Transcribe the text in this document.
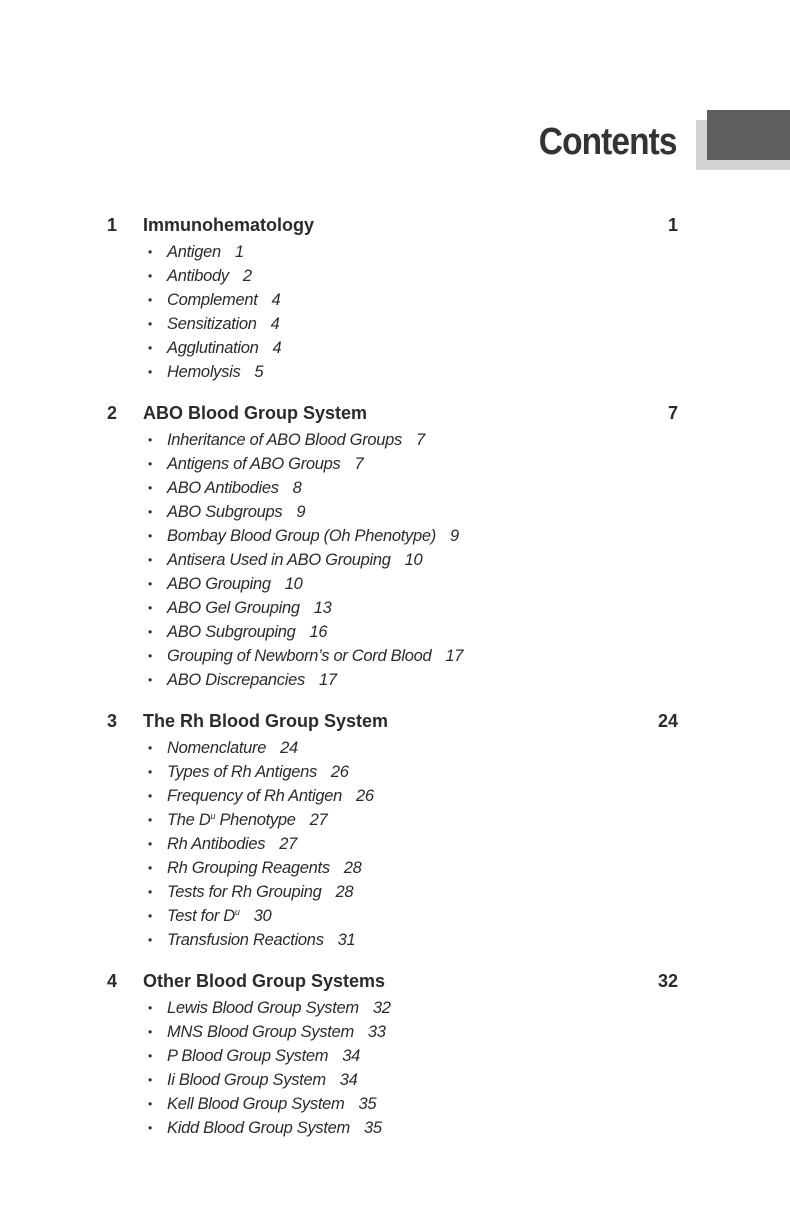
Contents
1 Immunohematology	1
• Antigen 1
• Antibody 2
• Complement 4
• Sensitization 4
• Agglutination 4
• Hemolysis 5
2 ABO Blood Group System	7
• Inheritance of ABO Blood Groups 7
• Antigens of ABO Groups 7
• ABO Antibodies 8
• ABO Subgroups 9
• Bombay Blood Group (Oh Phenotype) 9
• Antisera Used in ABO Grouping 10
• ABO Grouping 10
• ABO Gel Grouping 13
• ABO Subgrouping 16
• Grouping of Newborn’s or Cord Blood 17
• ABO Discrepancies 17
3 The Rh Blood Group System	24
• Nomenclature 24
• Types of Rh Antigens 26
• Frequency of Rh Antigen 26
• The $D^u$ Phenotype 27
• Rh Antibodies 27
• Rh Grouping Reagents 28
• Tests for Rh Grouping 28
• Test for $D^u$ 30
• Transfusion Reactions 31
4 Other Blood Group Systems	32
• Lewis Blood Group System 32
• MNS Blood Group System 33
• P Blood Group System 34
• Ii Blood Group System 34
• Kell Blood Group System 35
• Kidd Blood Group System 35
